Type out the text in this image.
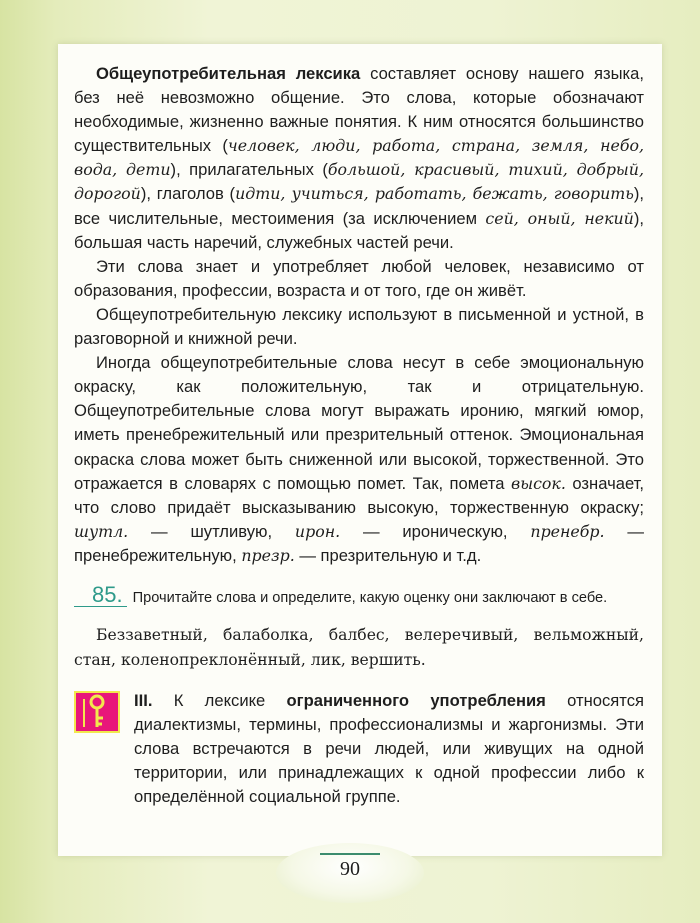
Общеупотребительная лексика составляет основу нашего языка, без неё невозможно общение. Это слова, которые обозначают необходимые, жизненно важные понятия. К ним относятся большинство существительных (человек, люди, работа, страна, земля, небо, вода, дети), прилагательных (большой, красивый, тихий, добрый, дорогой), глаголов (идти, учиться, работать, бежать, говорить), все числительные, местоимения (за исключением сей, оный, некий), большая часть наречий, служебных частей речи.

Эти слова знает и употребляет любой человек, независимо от образования, профессии, возраста и от того, где он живёт.

Общеупотребительную лексику используют в письменной и устной, в разговорной и книжной речи.

Иногда общеупотребительные слова несут в себе эмоциональную окраску, как положительную, так и отрицательную. Общеупотребительные слова могут выражать иронию, мягкий юмор, иметь пренебрежительный или презрительный оттенок. Эмоциональная окраска слова может быть сниженной или высокой, торжественной. Это отражается в словарях с помощью помет. Так, помета высок. означает, что слово придаёт высказыванию высокую, торжественную окраску; шутл. — шутливую, ирон. — ироническую, пренебр. — пренебрежительную, презр. — презрительную и т.д.

85. Прочитайте слова и определите, какую оценку они заключают в себе.

Беззаветный, балаболка, балбес, велеречивый, вельможный, стан, коленопреклонённый, лик, вершить.

III. К лексике ограниченного употребления относятся диалектизмы, термины, профессионализмы и жаргонизмы. Эти слова встречаются в речи людей, или живущих на одной территории, или принадлежащих к одной профессии либо к определённой социальной группе.

90
